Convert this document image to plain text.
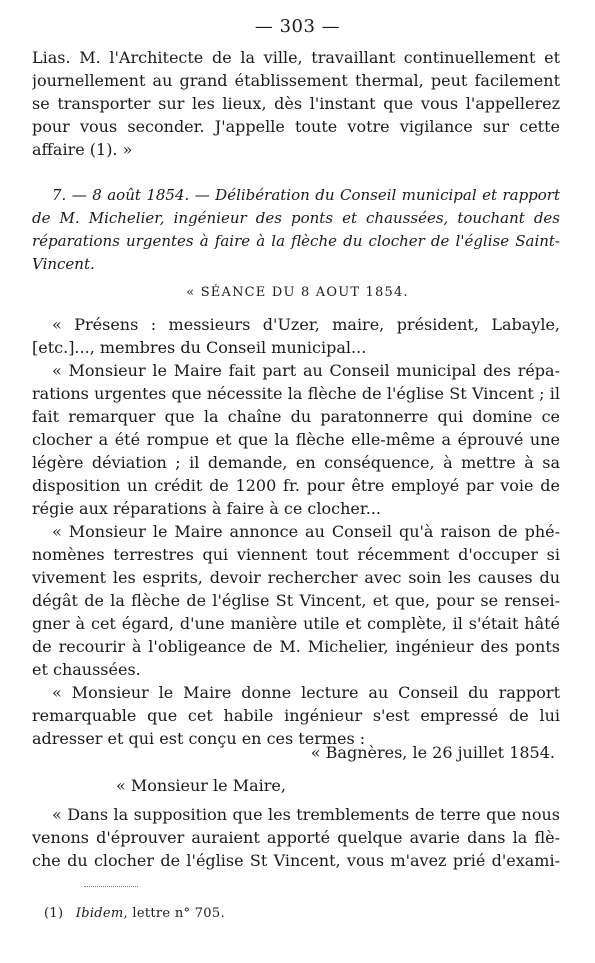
— 303 —
Lias. M. l'Architecte de la ville, travaillant continuellement et
journellement au grand établissement thermal, peut facilement
se transporter sur les lieux, dès l'instant que vous l'appellerez
pour vous seconder. J'appelle toute votre vigilance sur cette
affaire (1). »
7. — 8 août 1854. — Délibération du Conseil municipal et rapport
de M. Michelier, ingénieur des ponts et chaussées, touchant des
réparations urgentes à faire à la flèche du clocher de l'église Saint-
Vincent.
« SÉANCE DU 8 AOUT 1854.
« Présens : messieurs d'Uzer, maire, président, Labayle,
[etc.]..., membres du Conseil municipal...
« Monsieur le Maire fait part au Conseil municipal des répa-
rations urgentes que nécessite la flèche de l'église St Vincent ; il
fait remarquer que la chaîne du paratonnerre qui domine ce
clocher a été rompue et que la flèche elle-même a éprouvé une
légère déviation ; il demande, en conséquence, à mettre à sa
disposition un crédit de 1200 fr. pour être employé par voie de
régie aux réparations à faire à ce clocher...
« Monsieur le Maire annonce au Conseil qu'à raison de phé-
nomènes terrestres qui viennent tout récemment d'occuper si
vivement les esprits, devoir rechercher avec soin les causes du
dégât de la flèche de l'église St Vincent, et que, pour se rensei-
gner à cet égard, d'une manière utile et complète, il s'était hâté
de recourir à l'obligeance de M. Michelier, ingénieur des ponts
et chaussées.
« Monsieur le Maire donne lecture au Conseil du rapport
remarquable que cet habile ingénieur s'est empressé de lui
adresser et qui est conçu en ces termes :
« Bagnères, le 26 juillet 1854.
« Monsieur le Maire,
« Dans la supposition que les tremblements de terre que nous
venons d'éprouver auraient apporté quelque avarie dans la flè-
che du clocher de l'église St Vincent, vous m'avez prié d'exami-
(1) Ibidem, lettre n° 705.
